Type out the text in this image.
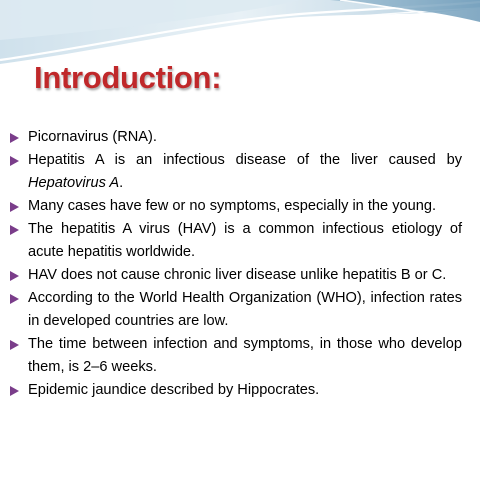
Introduction:
Picornavirus (RNA).
Hepatitis A is an infectious disease of the liver caused by Hepatovirus A.
Many cases have few or no symptoms, especially in the young.
The hepatitis A virus (HAV) is a common infectious etiology of acute hepatitis worldwide.
HAV does not cause chronic liver disease unlike hepatitis B or C.
According to the World Health Organization (WHO), infection rates in developed countries are low.
The time between infection and symptoms, in those who develop them, is 2–6 weeks.
Epidemic jaundice described by Hippocrates.
